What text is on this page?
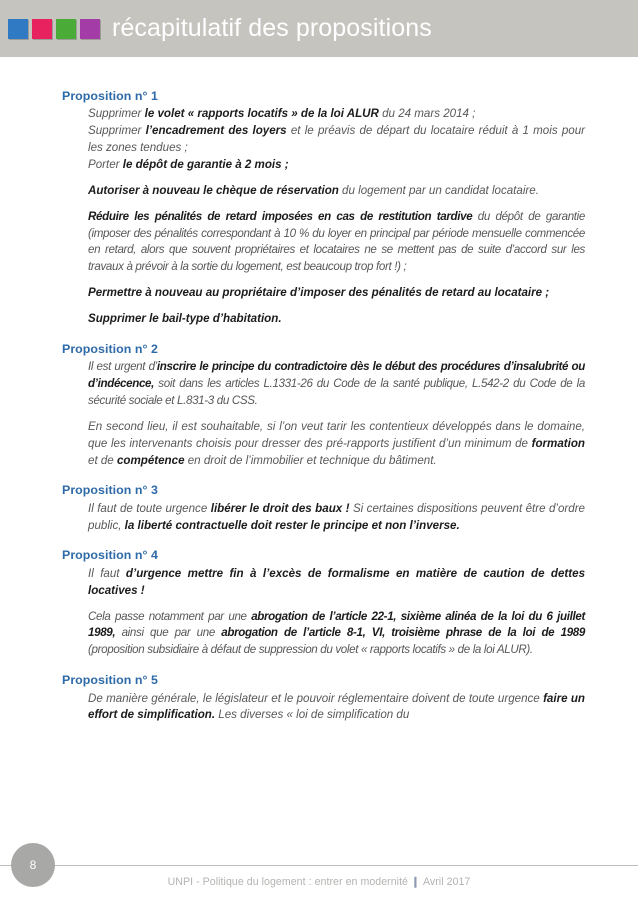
récapitulatif des propositions
Proposition n° 1

Supprimer le volet « rapports locatifs » de la loi ALUR du 24 mars 2014 ;

Supprimer l’encadrement des loyers et le préavis de départ du locataire réduit à 1 mois pour les zones tendues ;

Porter le dépôt de garantie à 2 mois ;

Autoriser à nouveau le chèque de réservation du logement par un candidat locataire.

Réduire les pénalités de retard imposées en cas de restitution tardive du dépôt de garantie (imposer des pénalités correspondant à 10 % du loyer en principal par période mensuelle commencée en retard, alors que souvent propriétaires et locataires ne se mettent pas de suite d’accord sur les travaux à prévoir à la sortie du logement, est beaucoup trop fort !) ;

Permettre à nouveau au propriétaire d’imposer des pénalités de retard au locataire ;

Supprimer le bail-type d’habitation.

Proposition n° 2

Il est urgent d’inscrire le principe du contradictoire dès le début des procédures d’insalubrité ou d’indécence, soit dans les articles L.1331-26 du Code de la santé publique, L.542-2 du Code de la sécurité sociale et L.831-3 du CSS.

En second lieu, il est souhaitable, si l’on veut tarir les contentieux développés dans le domaine, que les intervenants choisis pour dresser des pré-rapports justifient d’un minimum de formation et de compétence en droit de l’immobilier et technique du bâtiment.

Proposition n° 3

Il faut de toute urgence libérer le droit des baux ! Si certaines dispositions peuvent être d’ordre public, la liberté contractuelle doit rester le principe et non l’inverse.

Proposition n° 4

Il faut d’urgence mettre fin à l’excès de formalisme en matière de caution de dettes locatives !

Cela passe notamment par une abrogation de l’article 22-1, sixième alinéa de la loi du 6 juillet 1989, ainsi que par une abrogation de l’article 8-1, VI, troisième phrase de la loi de 1989 (proposition subsidiaire à défaut de suppression du volet « rapports locatifs » de la loi ALUR).

Proposition n° 5

De manière générale, le législateur et le pouvoir réglementaire doivent de toute urgence faire un effort de simplification. Les diverses « loi de simplification du

8
UNPI - Politique du logement : entrer en modernité ❙ Avril 2017
